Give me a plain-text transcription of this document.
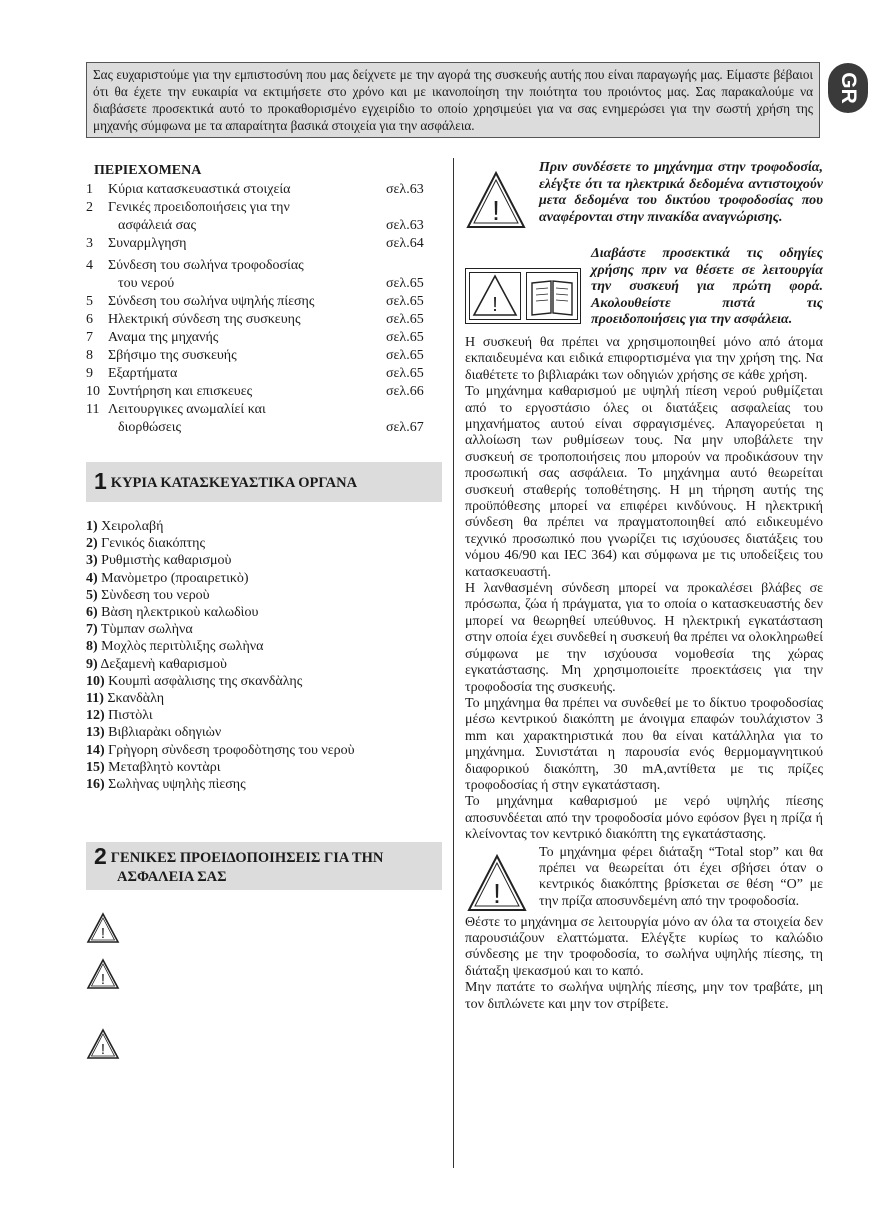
Σας ευχαριστούμε για την εμπιστοσύνη που μας δείχνετε με την αγορά της συσκευής αυτής που είναι παραγωγής μας. Είμαστε βέβαιοι ότι θα έχετε την ευκαιρία να εκτιμήσετε στο χρόνο και με ικανοποίηση την ποιότητα του προιόντος μας. Σας παρακαλούμε να διαβάσετε προσεκτικά αυτό το προκαθορισμένο εγχειρίδιο το οποίο χρησιμεύει για να σας ενημερώσει για την σωστή χρήση της μηχανής σύμφωνα με τα απαραίτητα βασικά στοιχεία για την ασφάλεια.
GR
ΠΕΡΙΕΧΟΜΕΝΑ
1	Κύρια κατασκευαστικά στοιχεία	σελ.63
2	Γενικές προειδοποιήσεις για την
ασφάλειά σας	σελ.63
3	Συναρμλγηση	σελ.64
4	Σύνδεση του σωλήνα τροφοδοσίας
του νερού	σελ.65
5	Σύνδεση του σωλήνα υψηλής πίεσης	σελ.65
6	Ηλεκτρική σύνδεση της συσκευης	σελ.65
7	Αναμα της μηχανής	σελ.65
8	Σβήσιμο της συσκευής	σελ.65
9	Εξαρτήματα	σελ.65
10 Συντήρηση και επισκευες	σελ.66
11 Λειτουργικες ανωμαλίεί και
διορθώσεις	σελ.67
1 ΚΥΡΙΑ ΚΑΤΑΣΚΕΥΑΣΤΙΚΑ ΟΡΓΑΝΑ
1) Χειρολαβή
2) Γενικός διακόπτης
3) Ρυθμιστὴς καθαρισμοὺ
4) Μανὸμετρο (προαιρετικὸ)
5) Σὺνδεση του νεροὺ
6) Βὰση ηλεκτρικοὺ καλωδὶου
7) Τὺμπαν σωλὴνα
8) Μοχλὸς περιτὺλιξης σωλὴνα
9) Δεξαμενὴ καθαρισμοὺ
10) Κουμπὶ ασφὰλισης της σκανδὰλης
11) Σκανδὰλη
12) Πιστὸλι
13) Βιβλιαρὰκι οδηγιὼν
14) Γρὴγορη σὺνδεση τροφοδὸτησης του νεροὺ
15) Μεταβλητὸ κοντὰρι
16) Σωλὴνας υψηλὴς πὶεσης
2 ΓΕΝΙΚΕΣ ΠΡΟΕΙΔΟΠΟΙΗΣΕΙΣ ΓΙΑ ΤΗΝ
ΑΣΦΑΛΕΙΑ ΣΑΣ
!
!
!
!
Πριν συνδέσετε το μηχάνημα στην τροφοδοσία, ελέγξτε ότι τα ηλεκτρικά δεδομένα αντιστοιχούν μετα δεδομένα του δικτύου τροφοδοσίας που αναφέρονται στην πινακίδα αναγνώρισης.
!
Διαβάστε προσεκτικά τις οδηγίες χρήσης πριν να θέσετε σε λειτουργία την συσκευή για πρώτη φορά. Ακολουθείστε πιστά τις προειδοποιήσεις για την ασφάλεια.

Η συσκευή θα πρέπει να χρησιμοποιηθεί μόνο από άτομα εκπαιδευμένα και ειδικά επιφορτισμένα για την χρήση της. Να διαθέτετε το βιβλιαράκι των οδηγιών χρήσης σε κάθε χρήση.

Το μηχάνημα καθαρισμού με υψηλή πίεση νερού ρυθμίζεται από το εργοστάσιο όλες οι διατάξεις ασφαλείας του μηχανήματος αυτού είναι σφραγισμένες. Απαγορεύεται η αλλοίωση των ρυθμίσεων τους. Να μην υποβάλετε την συσκευή σε τροποποιήσεις που μπορούν να προδικάσουν την προσωπική σας ασφάλεια. Το μηχάνημα αυτό θεωρείται συσκευή σταθερής τοποθέτησης. Η μη τήρηση αυτής της προϋπόθεσης μπορεί να επιφέρει κινδύνους. Η ηλεκτρική σύνδεση θα πρέπει να πραγματοποιηθεί από ειδικευμένο τεχνικό προσωπικό που γνωρίζει τις ισχύουσες διατάξεις του νόμου 46/90 και IEC 364) και σύμφωνα με τις υποδείξεις του κατασκευαστή.

Η λανθασμένη σύνδεση μπορεί να προκαλέσει βλάβες σε πρόσωπα, ζώα ή πράγματα, για το οποία ο κατασκευαστής δεν μπορεί να θεωρηθεί υπεύθυνος. Η ηλεκτρική εγκατάσταση στην οποία έχει συνδεθεί η συσκευή θα πρέπει να ολοκληρωθεί σύμφωνα με την ισχύουσα νομοθεσία της χώρας εγκατάστασης. Μη χρησιμοποιείτε προεκτάσεις για την τροφοδοσία της συσκευής.

Το μηχάνημα θα πρέπει να συνδεθεί με το δίκτυο τροφοδοσίας μέσω κεντρικού διακόπτη με άνοιγμα επαφών τουλάχιστον 3 mm και χαρακτηριστικά που θα είναι κατάλληλα για το μηχάνημα. Συνιστάται η παρουσία ενός θερμομαγνητικού διαφορικού διακόπτη, 30 mA,αντίθετα με τις πρίζες τροφοδοσίας ή στην εγκατάσταση.

Το μηχάνημα καθαρισμού με νερό υψηλής πίεσης αποσυνδέεται από την τροφοδοσία μόνο εφόσον βγει η πρίζα ή κλείνοντας τον κεντρικό διακόπτη της εγκατάστασης.

!

Το μηχάνημα φέρει διάταξη “Total stop” και θα πρέπει να θεωρείται ότι έχει σβήσει όταν ο κεντρικός διακόπτης βρίσκεται σε θέση “O” με την πρίζα αποσυνδεμένη από την τροφοδοσία.

Θέστε το μηχάνημα σε λειτουργία μόνο αν όλα τα στοιχεία δεν παρουσιάζουν ελαττώματα. Ελέγξτε κυρίως το καλώδιο σύνδεσης με την τροφοδοσία, το σωλήνα υψηλής πίεσης, τη διάταξη ψεκασμού και το καπό.

Μην πατάτε το σωλήνα υψηλής πίεσης, μην τον τραβάτε, μη τον διπλώνετε και μην τον στρίβετε.
